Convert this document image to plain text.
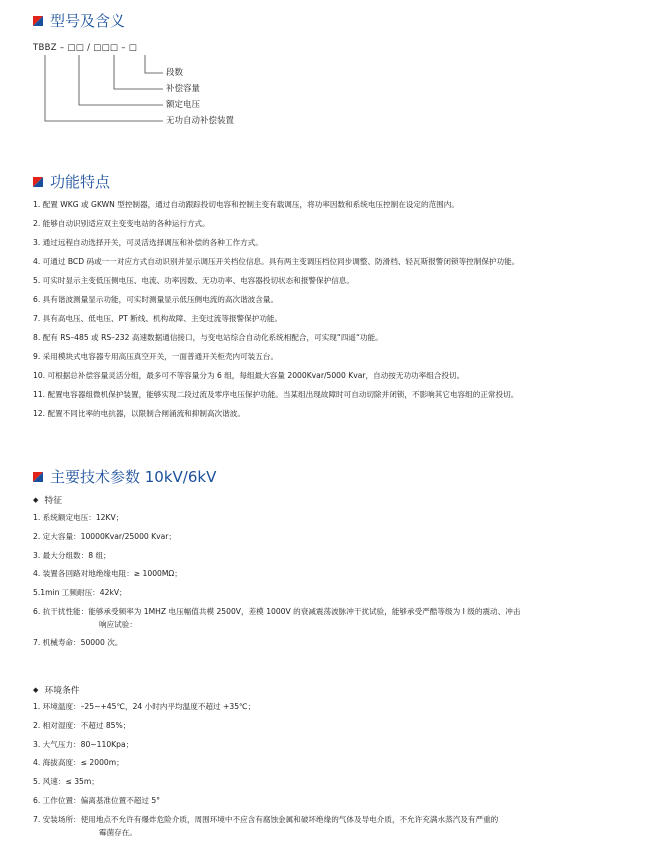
型号及含义
TBBZ – □□ / □□□ – □
段数
补偿容量
额定电压
无功自动补偿装置
功能特点
1. 配置 WKG 或 GKWN 型控制器，通过自动跟踪投切电容和控制主变有载调压，将功率因数和系统电压控制在设定的范围内。
2. 能够自动识别适应双主变变电站的各种运行方式。
3. 通过远程自动选择开关，可灵活选择调压和补偿的各种工作方式。
4. 可通过 BCD 码或一一对应方式自动识别并显示调压开关档位信息。具有两主变调压档位同步调整、防滑档、轻瓦斯报警闭锁等控制保护功能。
5. 可实时显示主变低压侧电压、电流、功率因数、无功功率、电容器投切状态和报警保护信息。
6. 具有谐波测量显示功能，可实时测量显示低压侧电流的高次谐波含量。
7. 具有高电压、低电压、PT 断线、机构故障、主变过流等报警保护功能。
8. 配有 RS–485 或 RS–232 高速数据通信接口，与变电站综合自动化系统相配合，可实现“四遥“功能。
9. 采用模块式电容器专用高压真空开关，一面普通开关柜壳内可装五台。
10. 可根据总补偿容量灵活分组，最多可不等容量分为 6 组，每组最大容量 2000Kvar/5000 Kvar，自动按无功功率组合投切。
11. 配置电容器组微机保护装置，能够实现二段过流及零序电压保护功能。当某组出现故障时可自动切除并闭锁，不影响其它电容组的正常投切。
12. 配置不同比率的电抗器，以限制合闸涌流和抑制高次谐波。
主要技术参数 10kV/6kV
◆ 特征
1. 系统额定电压：12KV；
2. 定大容量：10000Kvar/25000 Kvar；
3. 最大分组数：8 组；
4. 装置各回路对地绝缘电阻：≥ 1000MΩ；
5.1min 工频耐压：42kV；
6. 抗干扰性能：能够承受频率为 1MHZ 电压幅值共模 2500V，差模 1000V 的衰减震荡波脉冲干扰试验，能够承受严酷等级为 I 级的震动、冲击
响应试验：
7. 机械寿命：50000 次。
◆ 环境条件
1. 环境温度：–25~+45℃，24 小时内平均温度不超过 +35℃；
2. 相对湿度：不超过 85%；
3. 大气压力：80~110Kpa；
4. 海拔高度：≤ 2000m；
5. 风速：≤ 35m；
6. 工作位置：偏离基准位置不超过 5°
7. 安装场所：使用地点不允许有爆炸危险介质，周围环境中不应含有腐蚀金属和破坏绝缘的气体及导电介质，不允许充满水蒸汽及有严重的
霉菌存在。
